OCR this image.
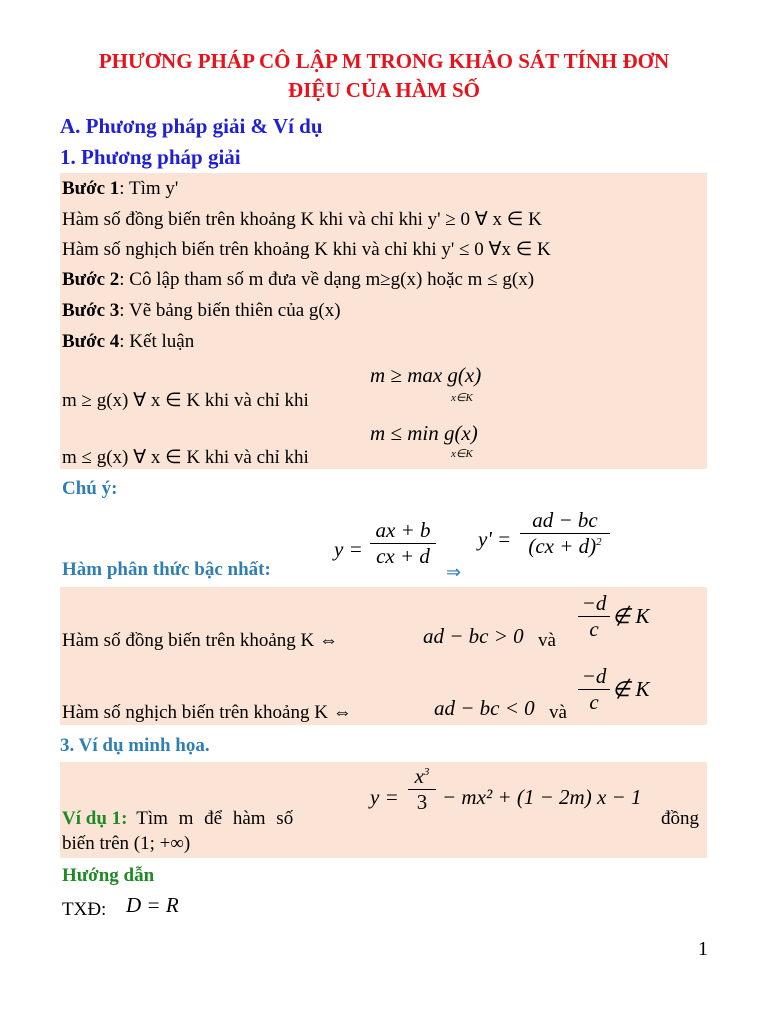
PHƯƠNG PHÁP CÔ LẬP M TRONG KHẢO SÁT TÍNH ĐƠN
ĐIỆU CỦA HÀM SỐ
A. Phương pháp giải & Ví dụ
1. Phương pháp giải
Bước 1: Tìm y'
Hàm số đồng biến trên khoảng K khi và chỉ khi y' ≥ 0 ∀ x ∈ K
Hàm số nghịch biến trên khoảng K khi và chỉ khi y' ≤ 0 ∀x ∈ K
Bước 2: Cô lập tham số m đưa về dạng m≥g(x) hoặc m ≤ g(x)
Bước 3: Vẽ bảng biến thiên của g(x)
Bước 4: Kết luận
m ≥ g(x) ∀ x ∈ K khi và chỉ khi
m ≥ max g(x)
x∈K
m ≤ g(x) ∀ x ∈ K khi và chỉ khi
m ≤ min g(x)
x∈K
Chú ý:
y =
ax + b
cx + d
⇒
y' =
ad − bc
(cx + d)$^2$
Hàm phân thức bậc nhất:
Hàm số đồng biến trên khoảng K ⇔	ad − bc > 0 và
−d
c
∉ K
Hàm số nghịch biến trên khoảng K ⇔	ad − bc < 0 và
−d
c
∉ K
3. Ví dụ minh họa.
y =
$x^3$
3 − mx² + (1 − 2m) x − 1
Ví dụ 1: Tìm m để hàm số	đồng
biến trên (1; +∞)
Hướng dẫn
TXĐ: D = R
1
